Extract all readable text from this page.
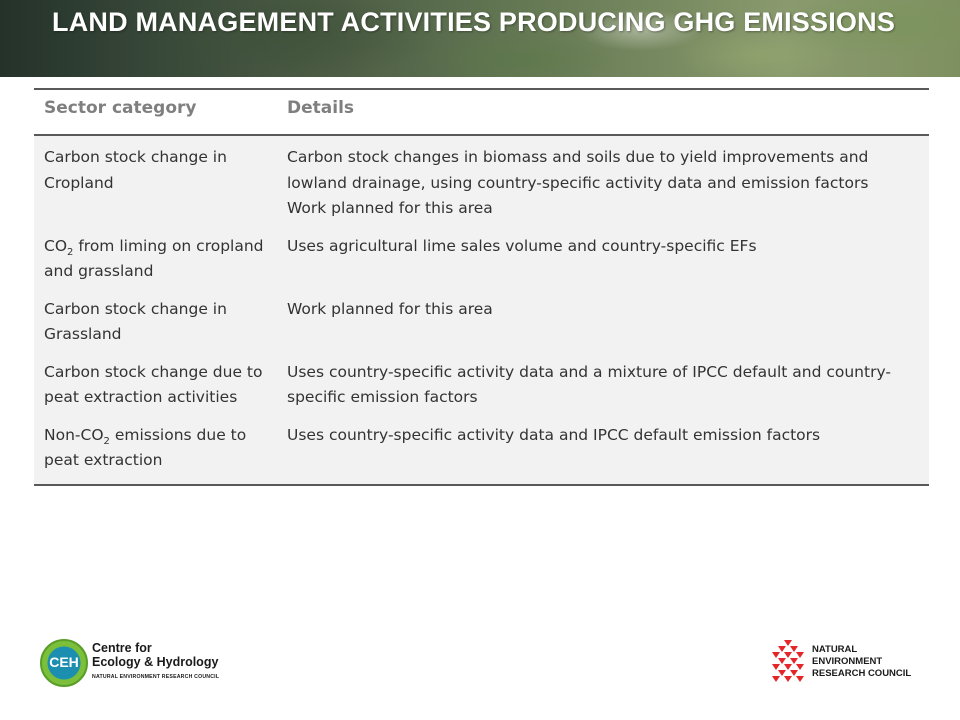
LAND MANAGEMENT ACTIVITIES PRODUCING GHG EMISSIONS
Sector category	Details
Carbon stock change in Cropland	Carbon stock changes in biomass and soils due to yield improvements and lowland drainage, using country-specific activity data and emission factors
Work planned for this area

$CO_2$ from liming on cropland and grassland	Uses agricultural lime sales volume and country-specific EFs

Carbon stock change in Grassland	Work planned for this area

Carbon stock change due to peat extraction activities	Uses country-specific activity data and a mixture of IPCC default and country-specific emission factors

Non-$CO_2$ emissions due to peat extraction	Uses country-specific activity data and IPCC default emission factors
CEH
Centre for
Ecology & Hydrology
NATURAL ENVIRONMENT RESEARCH COUNCIL
NATURAL
ENVIRONMENT
RESEARCH COUNCIL
